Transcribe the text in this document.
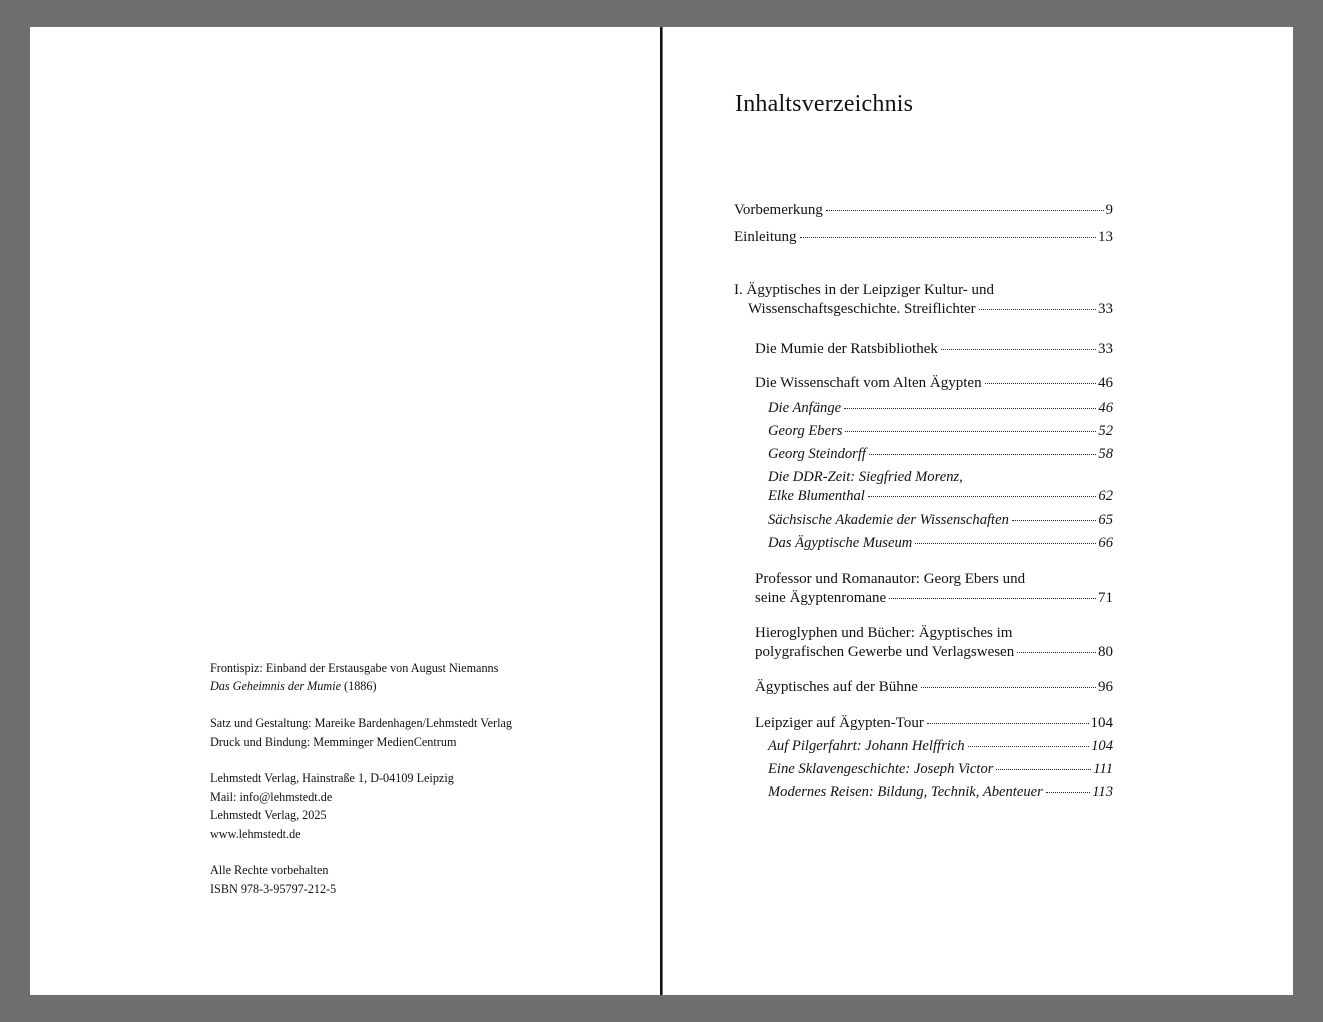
Frontispiz: Einband der Erstausgabe von August Niemanns
Das Geheimnis der Mumie (1886)
Satz und Gestaltung: Mareike Bardenhagen/Lehmstedt Verlag
Druck und Bindung: Memminger MedienCentrum
Lehmstedt Verlag, Hainstraße 1, D-04109 Leipzig
Mail: info@lehmstedt.de
Lehmstedt Verlag, 2025
www.lehmstedt.de
Alle Rechte vorbehalten
ISBN 978-3-95797-212-5
Inhaltsverzeichnis
Vorbemerkung	9
Einleitung	13
I. Ägyptisches in der Leipziger Kultur- und
Wissenschaftsgeschichte. Streiflichter	33
Die Mumie der Ratsbibliothek	33
Die Wissenschaft vom Alten Ägypten	46
Die Anfänge	46
Georg Ebers	52
Georg Steindorff	58
Die DDR-Zeit: Siegfried Morenz,
Elke Blumenthal	62
Sächsische Akademie der Wissenschaften	65
Das Ägyptische Museum	66
Professor und Romanautor: Georg Ebers und
seine Ägyptenromane	71
Hieroglyphen und Bücher: Ägyptisches im
polygrafischen Gewerbe und Verlagswesen	80
Ägyptisches auf der Bühne	96
Leipziger auf Ägypten-Tour	104
Auf Pilgerfahrt: Johann Helffrich	104
Eine Sklavengeschichte: Joseph Victor	111
Modernes Reisen: Bildung, Technik, Abenteuer	113
